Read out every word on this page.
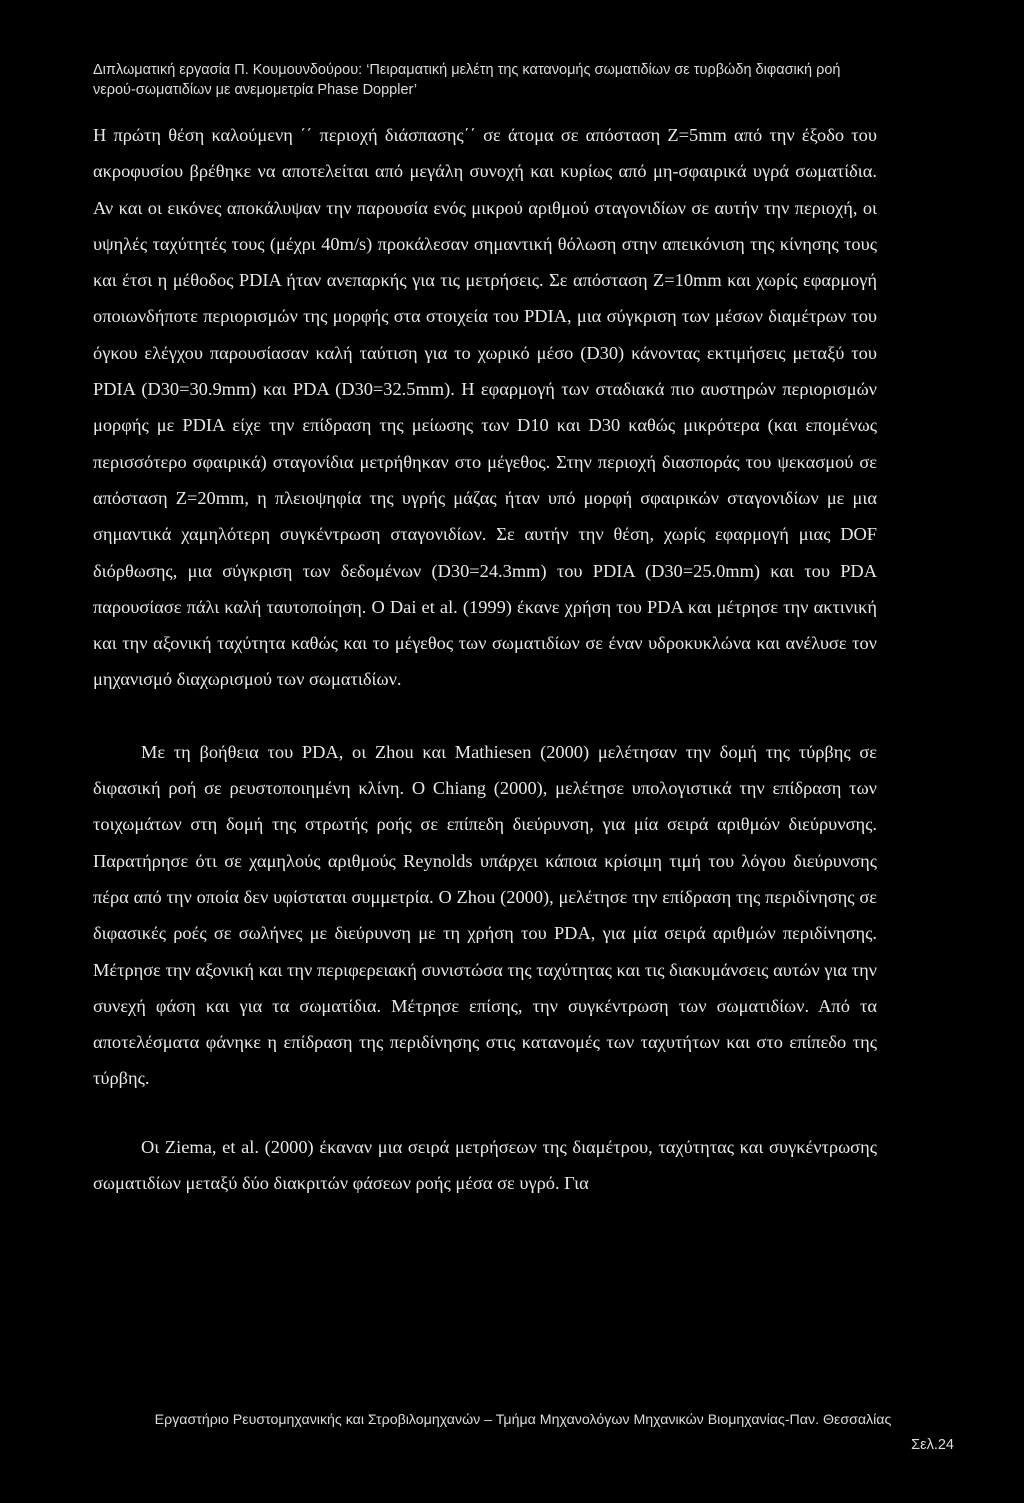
Διπλωματική εργασία Π. Κουμουνδούρου: ‘Πειραματική μελέτη της κατανομής σωματιδίων σε τυρβώδη διφασική ροή
νερού-σωματιδίων με ανεμομετρία Phase Doppler’

Η πρώτη θέση καλούμενη ΄΄ περιοχή διάσπασης΄΄ σε άτομα σε απόσταση Z=5mm από την έξοδο του ακροφυσίου βρέθηκε να αποτελείται από μεγάλη συνοχή και κυρίως από μη-σφαιρικά υγρά σωματίδια. Αν και οι εικόνες αποκάλυψαν την παρουσία ενός μικρού αριθμού σταγονιδίων σε αυτήν την περιοχή, οι υψηλές ταχύτητές τους (μέχρι 40m/s) προκάλεσαν σημαντική θόλωση στην απεικόνιση της κίνησης τους και έτσι η μέθοδος PDIA ήταν ανεπαρκής για τις μετρήσεις. Σε απόσταση Z=10mm και χωρίς εφαρμογή οποιωνδήποτε περιορισμών της μορφής στα στοιχεία του PDIA, μια σύγκριση των μέσων διαμέτρων του όγκου ελέγχου παρουσίασαν καλή ταύτιση για το χωρικό μέσο (D30) κάνοντας εκτιμήσεις μεταξύ του PDIA (D30=30.9mm) και PDA (D30=32.5mm). Η εφαρμογή των σταδιακά πιο αυστηρών περιορισμών μορφής με PDIA είχε την επίδραση της μείωσης των D10 και D30 καθώς μικρότερα (και επομένως περισσότερο σφαιρικά) σταγονίδια μετρήθηκαν στο μέγεθος. Στην περιοχή διασποράς του ψεκασμού σε απόσταση Z=20mm, η πλειοψηφία της υγρής μάζας ήταν υπό μορφή σφαιρικών σταγονιδίων με μια σημαντικά χαμηλότερη συγκέντρωση σταγονιδίων. Σε αυτήν την θέση, χωρίς εφαρμογή μιας DOF διόρθωσης, μια σύγκριση των δεδομένων (D30=24.3mm) του PDIA (D30=25.0mm) και του PDA παρουσίασε πάλι καλή ταυτοποίηση. O Dai et al. (1999) έκανε χρήση του PDA και μέτρησε την ακτινική και την αξονική ταχύτητα καθώς και το μέγεθος των σωματιδίων σε έναν υδροκυκλώνα και ανέλυσε τον μηχανισμό διαχωρισμού των σωματιδίων.

Με τη βοήθεια του PDA, οι Zhou και Mathiesen (2000) μελέτησαν την δομή της τύρβης σε διφασική ροή σε ρευστοποιημένη κλίνη. O Chiang (2000), μελέτησε υπολογιστικά την επίδραση των τοιχωμάτων στη δομή της στρωτής ροής σε επίπεδη διεύρυνση, για μία σειρά αριθμών διεύρυνσης. Παρατήρησε ότι σε χαμηλούς αριθμούς Reynolds υπάρχει κάποια κρίσιμη τιμή του λόγου διεύρυνσης πέρα από την οποία δεν υφίσταται συμμετρία. O Zhou (2000), μελέτησε την επίδραση της περιδίνησης σε διφασικές ροές σε σωλήνες με διεύρυνση με τη χρήση του PDA, για μία σειρά αριθμών περιδίνησης. Μέτρησε την αξονική και την περιφερειακή συνιστώσα της ταχύτητας και τις διακυμάνσεις αυτών για την συνεχή φάση και για τα σωματίδια. Μέτρησε επίσης, την συγκέντρωση των σωματιδίων. Από τα αποτελέσματα φάνηκε η επίδραση της περιδίνησης στις κατανομές των ταχυτήτων και στο επίπεδο της τύρβης.

Οι Ziema, et al. (2000) έκαναν μια σειρά μετρήσεων της διαμέτρου, ταχύτητας και συγκέντρωσης σωματιδίων μεταξύ δύο διακριτών φάσεων ροής μέσα σε υγρό. Για

Εργαστήριο Ρευστομηχανικής και Στροβιλομηχανών – Τμήμα Μηχανολόγων Μηχανικών Βιομηχανίας-Παν. Θεσσαλίας
Σελ.24
